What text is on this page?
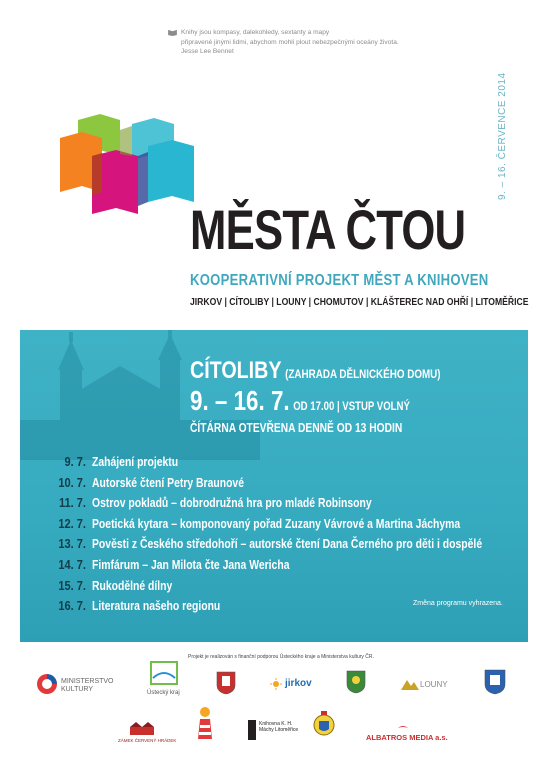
Knihy jsou kompasy, dalekohledy, sextanty a mapy
připravené jinými lidmi, abychom mohli plout nebezpečnými oceány života.
Jesse Lee Bennet
9. – 16. ČERVENCE 2014
MĚSTA ČTOU
KOOPERATIVNÍ PROJEKT MĚST A KNIHOVEN
JIRKOV | CÍTOLIBY | LOUNY | CHOMUTOV | KLÁŠTEREC NAD OHŘÍ | LITOMĚŘICE
CÍTOLIBY (ZAHRADA DĚLNICKÉHO DOMU)
9. – 16. 7. OD 17.00 | VSTUP VOLNÝ
ČÍTÁRNA OTEVŘENA DENNĚ OD 13 HODIN
9. 7. Zahájení projektu
10. 7. Autorské čtení Petry Braunové
11. 7. Ostrov pokladů – dobrodružná hra pro mladé Robinsony
12. 7. Poetická kytara – komponovaný pořad Zuzany Vávrové a Martina Jáchyma
13. 7. Pověsti z Českého středohoří – autorské čtení Dana Černého pro děti i dospělé
14. 7. Fimfárum – Jan Milota čte Jana Wericha
15. 7. Rukodělné dílny
16. 7. Literatura našeho regionu	Změna programu vyhrazena.
Projekt je realizován s finanční podporou Ústeckého kraje a Ministerstva kultury ČR.
MINISTERSTVO
KULTURY	Ústecký kraj
jirkov	LOUNY
ZÁMEK ČERVENÝ HRÁDEK
Knihovna K. H. Máchy Litoměřice
ALBATROS MEDIA a.s.
